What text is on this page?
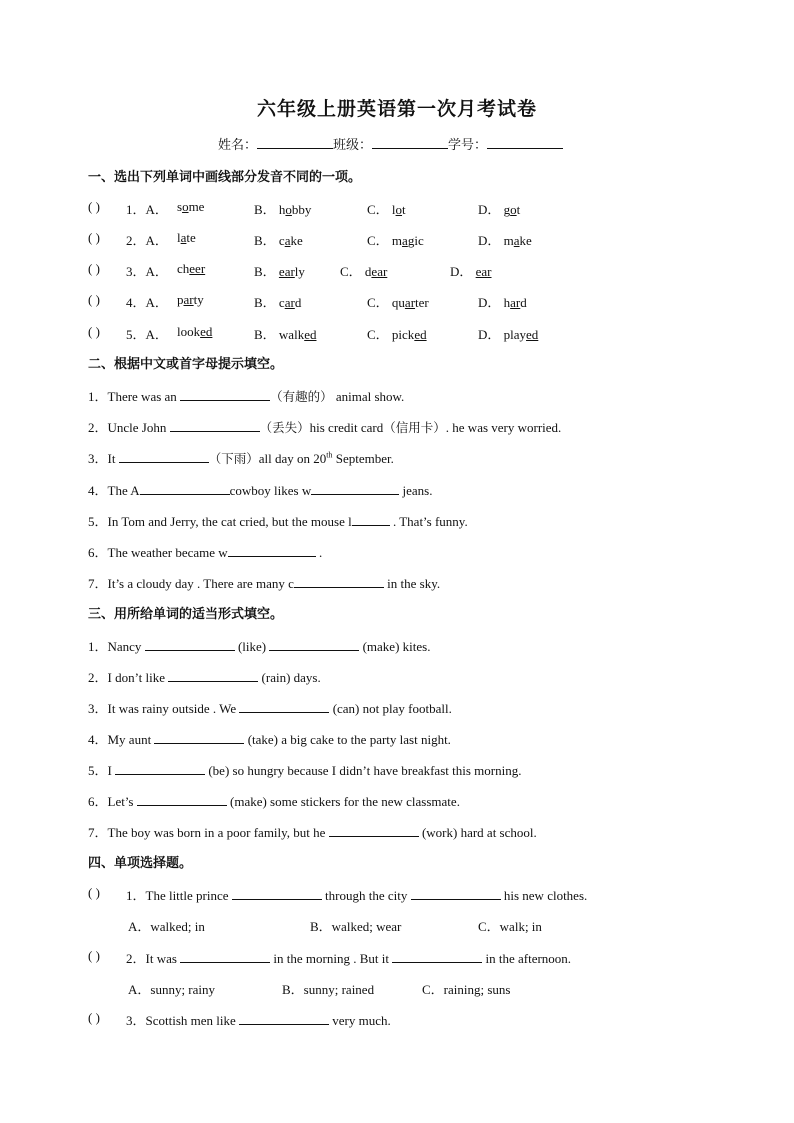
六年级上册英语第一次月考试卷
姓名：	班级：	学号：
一、选出下列单词中画线部分发音不同的一项。
( ) 1．A． some	B． hobby	C． lot	D． got
( ) 2．A． late	B． cake	C． magic	D． make
( ) 3．A． cheer	B． early	C． dear	D． ear
( ) 4．A． party	B． card	C． quarter	D． hard
( ) 5．A． looked	B． walked	C． picked	D． played
二、根据中文或首字母提示填空。
1．There was an	（有趣的） animal show.
2．Uncle John	（丢失）his credit card（信用卡）. he was very worried.
3．It	（下雨）all day on 20th September.
4．The A	cowboy likes w	jeans.
5．In Tom and Jerry, the cat cried, but the mouse l	. That’s funny.
6．The weather became w	.
7．It’s a cloudy day . There are many c	in the sky.
三、用所给单词的适当形式填空。
1．Nancy	(like)	(make) kites.
2．I don’t like	(rain) days.
3．It was rainy outside . We	(can) not play football.
4．My aunt	(take) a big cake to the party last night.
5．I	(be) so hungry because I didn’t have breakfast this morning.
6．Let’s	(make) some stickers for the new classmate.
7．The boy was born in a poor family, but he	(work) hard at school.
四、单项选择题。
( ) 1．The little prince	through the city	his new clothes.
A．walked; in	B．walked; wear	C．walk; in
( ) 2．It was	in the morning . But it	in the afternoon.
A．sunny; rainy	B．sunny; rained	C．raining; suns
( ) 3．Scottish men like	very much.
